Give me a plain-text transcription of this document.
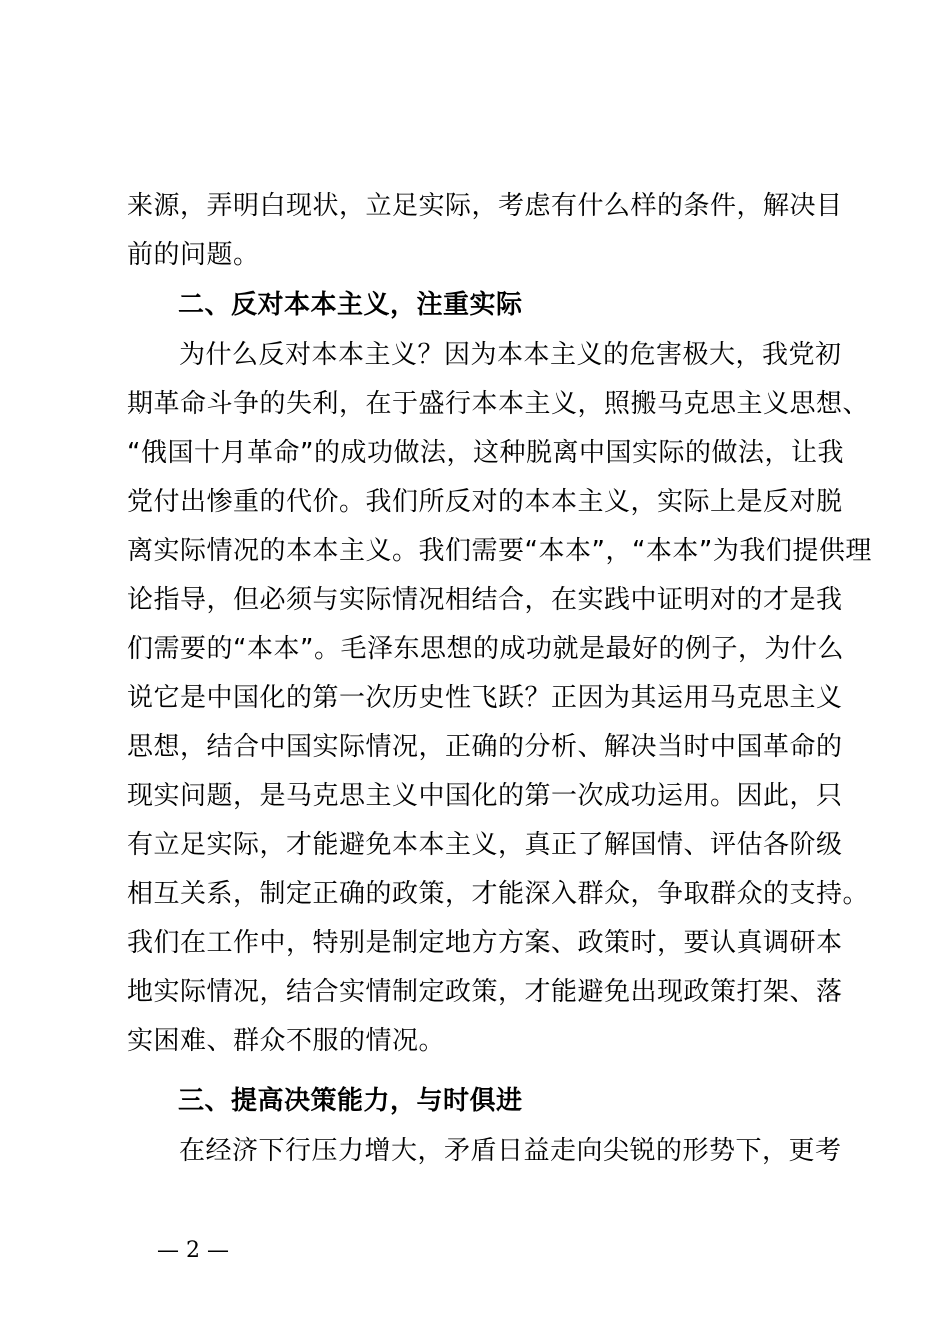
来源，弄明白现状，立足实际，考虑有什么样的条件，解决目
前的问题。
二、反对本本主义，注重实际
为什么反对本本主义？因为本本主义的危害极大，我党初
期革命斗争的失利，在于盛行本本主义，照搬马克思主义思想、
“俄国十月革命”的成功做法，这种脱离中国实际的做法，让我
党付出惨重的代价。我们所反对的本本主义，实际上是反对脱
离实际情况的本本主义。我们需要“本本”，“本本”为我们提供理
论指导，但必须与实际情况相结合，在实践中证明对的才是我
们需要的“本本”。毛泽东思想的成功就是最好的例子，为什么
说它是中国化的第一次历史性飞跃？正因为其运用马克思主义
思想，结合中国实际情况，正确的分析、解决当时中国革命的
现实问题，是马克思主义中国化的第一次成功运用。因此，只
有立足实际，才能避免本本主义，真正了解国情、评估各阶级
相互关系，制定正确的政策，才能深入群众，争取群众的支持。
我们在工作中，特别是制定地方方案、政策时，要认真调研本
地实际情况，结合实情制定政策，才能避免出现政策打架、落
实困难、群众不服的情况。
三、提高决策能力，与时俱进
在经济下行压力增大，矛盾日益走向尖锐的形势下，更考
— 2 —
